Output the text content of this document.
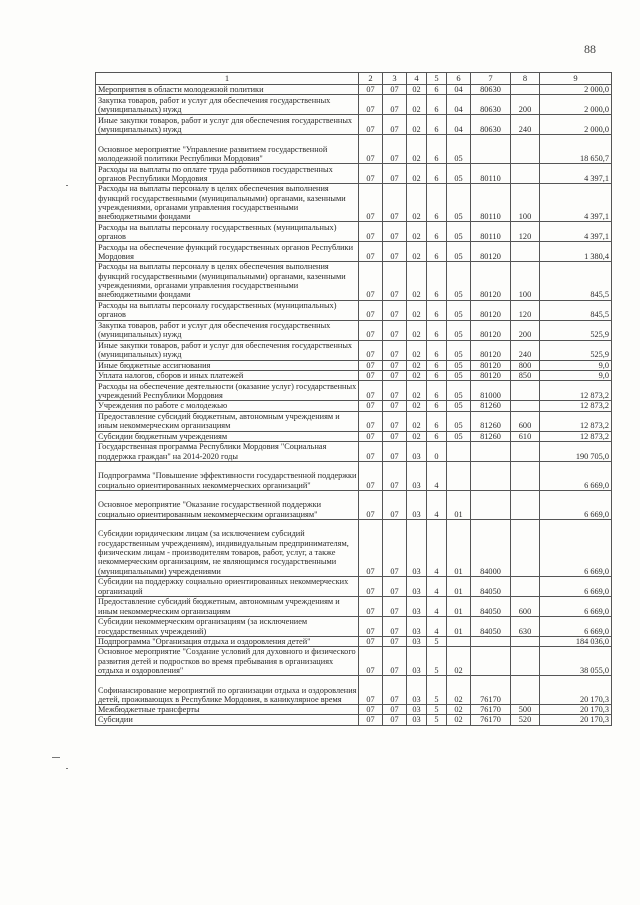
88
1	2	3	4	5	6	7	8	9
Мероприятия в области молодежной политики	07	07	02	6	04	80630		2 000,0
Закупка товаров, работ и услуг для обеспечения государственных (муниципальных) нужд	07	07	02	6	04	80630	200	2 000,0
Иные закупки товаров, работ и услуг для обеспечения государственных (муниципальных) нужд	07	07	02	6	04	80630	240	2 000,0
Основное мероприятие "Управление развитием государственной молодежной политики Республики Мордовия"	07	07	02	6	05			18 650,7
Расходы на выплаты по оплате труда работников государственных органов Республики Мордовия	07	07	02	6	05	80110		4 397,1
Расходы на выплаты персоналу в целях обеспечения выполнения функций государственными (муниципальными) органами, казенными учреждениями, органами управления государственными внебюджетными фондами	07	07	02	6	05	80110	100	4 397,1
Расходы на выплаты персоналу государственных (муниципальных) органов	07	07	02	6	05	80110	120	4 397,1
Расходы на обеспечение функций государственных органов Республики Мордовия	07	07	02	6	05	80120		1 380,4
Расходы на выплаты персоналу в целях обеспечения выполнения функций государственными (муниципальными) органами, казенными учреждениями, органами управления государственными внебюджетными фондами	07	07	02	6	05	80120	100	845,5
Расходы на выплаты персоналу государственных (муниципальных) органов	07	07	02	6	05	80120	120	845,5
Закупка товаров, работ и услуг для обеспечения государственных (муниципальных) нужд	07	07	02	6	05	80120	200	525,9
Иные закупки товаров, работ и услуг для обеспечения государственных (муниципальных) нужд	07	07	02	6	05	80120	240	525,9
Иные бюджетные ассигнования	07	07	02	6	05	80120	800	9,0
Уплата налогов, сборов и иных платежей	07	07	02	6	05	80120	850	9,0
Расходы на обеспечение деятельности (оказание услуг) государственных учреждений Республики Мордовия	07	07	02	6	05	81000		12 873,2
Учреждения по работе с молодежью	07	07	02	6	05	81260		12 873,2
Предоставление субсидий бюджетным, автономным учреждениям и иным некоммерческим организациям	07	07	02	6	05	81260	600	12 873,2
Субсидии бюджетным учреждениям	07	07	02	6	05	81260	610	12 873,2
Государственная программа Республики Мордовия "Социальная поддержка граждан" на 2014-2020 годы	07	07	03	0				190 705,0
Подпрограмма "Повышение эффективности государственной поддержки социально ориентированных некоммерческих организаций"	07	07	03	4				6 669,0
Основное мероприятие "Оказание государственной поддержки социально ориентированным некоммерческим организациям"	07	07	03	4	01			6 669,0
Субсидии юридическим лицам (за исключением субсидий государственным учреждениям), индивидуальным предпринимателям, физическим лицам - производителям товаров, работ, услуг, а также некоммерческим организациям, не являющимся государственными (муниципальными) учреждениями	07	07	03	4	01	84000		6 669,0
Субсидии на поддержку социально ориентированных некоммерческих организаций	07	07	03	4	01	84050		6 669,0
Предоставление субсидий бюджетным, автономным учреждениям и иным некоммерческим организациям	07	07	03	4	01	84050	600	6 669,0
Субсидии некоммерческим организациям (за исключением государственных учреждений)	07	07	03	4	01	84050	630	6 669,0
Подпрограмма "Организация отдыха и оздоровления детей"	07	07	03	5				184 036,0
Основное мероприятие "Создание условий для духовного и физического развития детей и подростков во время пребывания в организациях отдыха и оздоровления"	07	07	03	5	02			38 055,0
Софинансирование мероприятий по организации отдыха и оздоровления детей, проживающих в Республике Мордовия, в каникулярное время	07	07	03	5	02	76170		20 170,3
Межбюджетные трансферты	07	07	03	5	02	76170	500	20 170,3
Субсидии	07	07	03	5	02	76170	520	20 170,3
